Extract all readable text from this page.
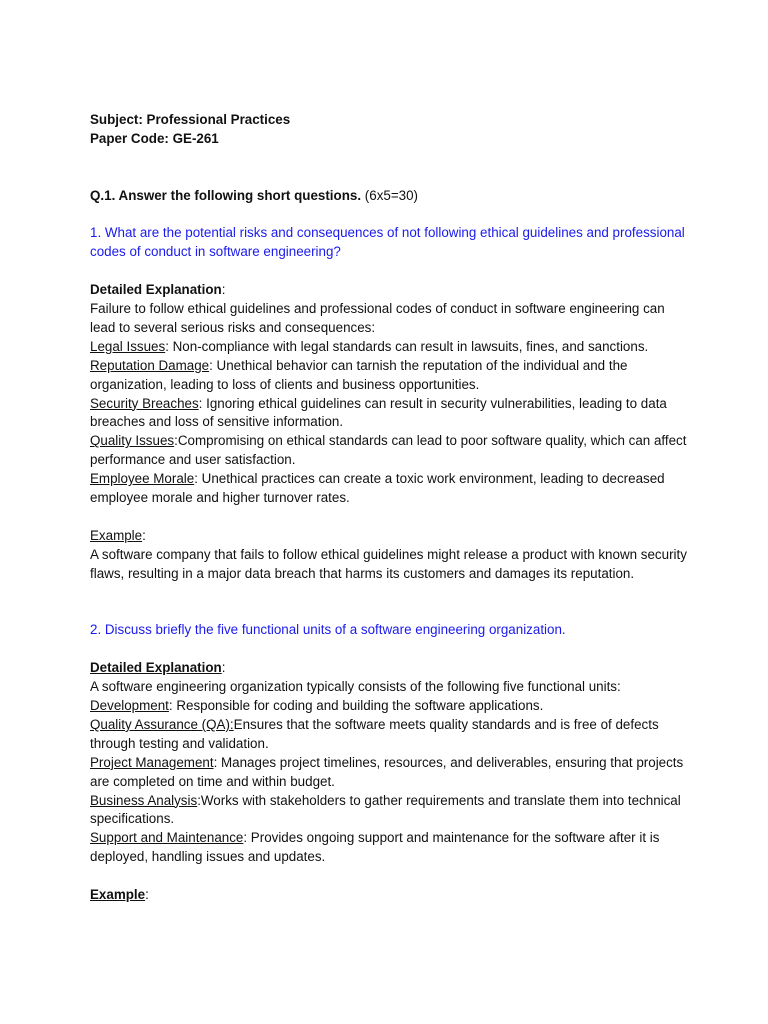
Subject: Professional Practices

Paper Code: GE-261

Q.1. Answer the following short questions. (6x5=30)

1. What are the potential risks and consequences of not following ethical guidelines and professional codes of conduct in software engineering?

Detailed Explanation:

Failure to follow ethical guidelines and professional codes of conduct in software engineering can lead to several serious risks and consequences:

Legal Issues: Non-compliance with legal standards can result in lawsuits, fines, and sanctions.

Reputation Damage: Unethical behavior can tarnish the reputation of the individual and the organization, leading to loss of clients and business opportunities.

Security Breaches: Ignoring ethical guidelines can result in security vulnerabilities, leading to data breaches and loss of sensitive information.

Quality Issues:Compromising on ethical standards can lead to poor software quality, which can affect performance and user satisfaction.

Employee Morale: Unethical practices can create a toxic work environment, leading to decreased employee morale and higher turnover rates.

Example:

A software company that fails to follow ethical guidelines might release a product with known security flaws, resulting in a major data breach that harms its customers and damages its reputation.

2. Discuss briefly the five functional units of a software engineering organization.

Detailed Explanation:

A software engineering organization typically consists of the following five functional units:

Development: Responsible for coding and building the software applications.

Quality Assurance (QA):Ensures that the software meets quality standards and is free of defects through testing and validation.

Project Management: Manages project timelines, resources, and deliverables, ensuring that projects are completed on time and within budget.

Business Analysis:Works with stakeholders to gather requirements and translate them into technical specifications.

Support and Maintenance: Provides ongoing support and maintenance for the software after it is deployed, handling issues and updates.

Example:
